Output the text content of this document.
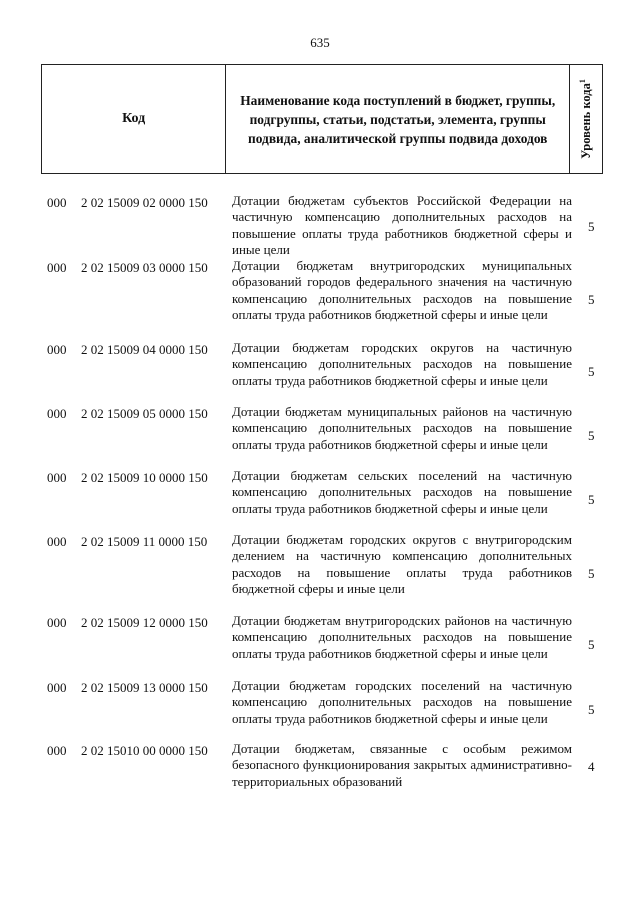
635
Код
Наименование кода поступлений в бюджет, группы, подгруппы, статьи, подстатьи, элемента, группы подвида, аналитической группы подвида доходов	Уровень кода$^1$
000 2 02 15009 02 0000 150 Дотации бюджетам субъектов Российской Федерации на частичную компенсацию дополнительных расходов на повышение оплаты труда работников бюджетной сферы и иные цели
5
000 2 02 15009 03 0000 150 Дотации бюджетам внутригородских муниципальных образований городов федерального значения на частичную компенсацию дополнительных расходов на повышение оплаты труда работников бюджетной сферы и иные цели
5
000 2 02 15009 04 0000 150 Дотации бюджетам городских округов на частичную компенсацию дополнительных расходов на повышение оплаты труда работников бюджетной сферы и иные цели
5
000 2 02 15009 05 0000 150 Дотации бюджетам муниципальных районов на частичную компенсацию дополнительных расходов на повышение оплаты труда работников бюджетной сферы и иные цели
5
000 2 02 15009 10 0000 150 Дотации бюджетам сельских поселений на частичную компенсацию дополнительных расходов на повышение оплаты труда работников бюджетной сферы и иные цели
5
000 2 02 15009 11 0000 150 Дотации бюджетам городских округов с внутригородским делением на частичную компенсацию дополнительных расходов на повышение оплаты труда работников бюджетной сферы и иные цели
5
000 2 02 15009 12 0000 150 Дотации бюджетам внутригородских районов на частичную компенсацию дополнительных расходов на повышение оплаты труда работников бюджетной сферы и иные цели
5
000 2 02 15009 13 0000 150 Дотации бюджетам городских поселений на частичную компенсацию дополнительных расходов на повышение оплаты труда работников бюджетной сферы и иные цели
5
000 2 02 15010 00 0000 150 Дотации бюджетам, связанные с особым режимом безопасного функционирования закрытых административно-территориальных образований
4
